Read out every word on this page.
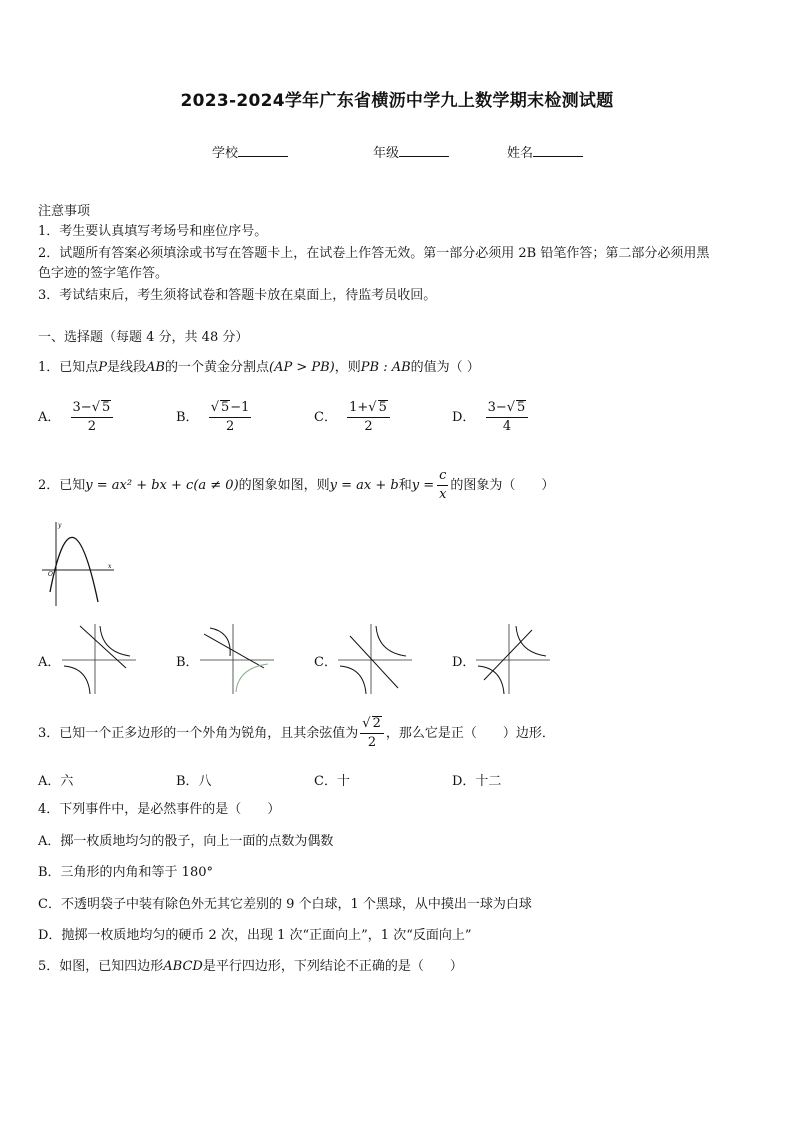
2023-2024学年广东省横沥中学九上数学期末检测试题
学校	年级	姓名
注意事项
1．考生要认真填写考场号和座位序号。
2．试题所有答案必须填涂或书写在答题卡上，在试卷上作答无效。第一部分必须用 2B 铅笔作答；第二部分必须用黑
色字迹的签字笔作答。
3．考试结束后，考生须将试卷和答题卡放在桌面上，待监考员收回。
一、选择题（每题 4 分，共 48 分）
1．已知点P是线段AB的一个黄金分割点(AP > PB)，则PB : AB的值为（ ）
A． $\frac{3-√ 5}{2}$	B． $\frac{√ 5-1}{2}$	C． $\frac{1+√ 5}{2}$	D． $\frac{3-√ 5}{4}$
2．已知y = ax² + bx + c(a ≠ 0)的图象如图，则y = ax + b和$y = \frac{c}{x}$ 的图象为（　　）
y
x
O
A．	B．	C．	D．
3．已知一个正多边形的一个外角为锐角，且其余弦值为 $\frac{√ 2}{2}$ ，那么它是正（　　）边形．
A．六	B．八	C．十	D．十二
4．下列事件中，是必然事件的是（　　）
A．掷一枚质地均匀的骰子，向上一面的点数为偶数
B．三角形的内角和等于 180°
C．不透明袋子中装有除色外无其它差别的 9 个白球，1 个黑球，从中摸出一球为白球
D．抛掷一枚质地均匀的硬币 2 次，出现 1 次“正面向上”，1 次“反面向上”
5．如图，已知四边形ABCD是平行四边形，下列结论不正确的是（　　）
